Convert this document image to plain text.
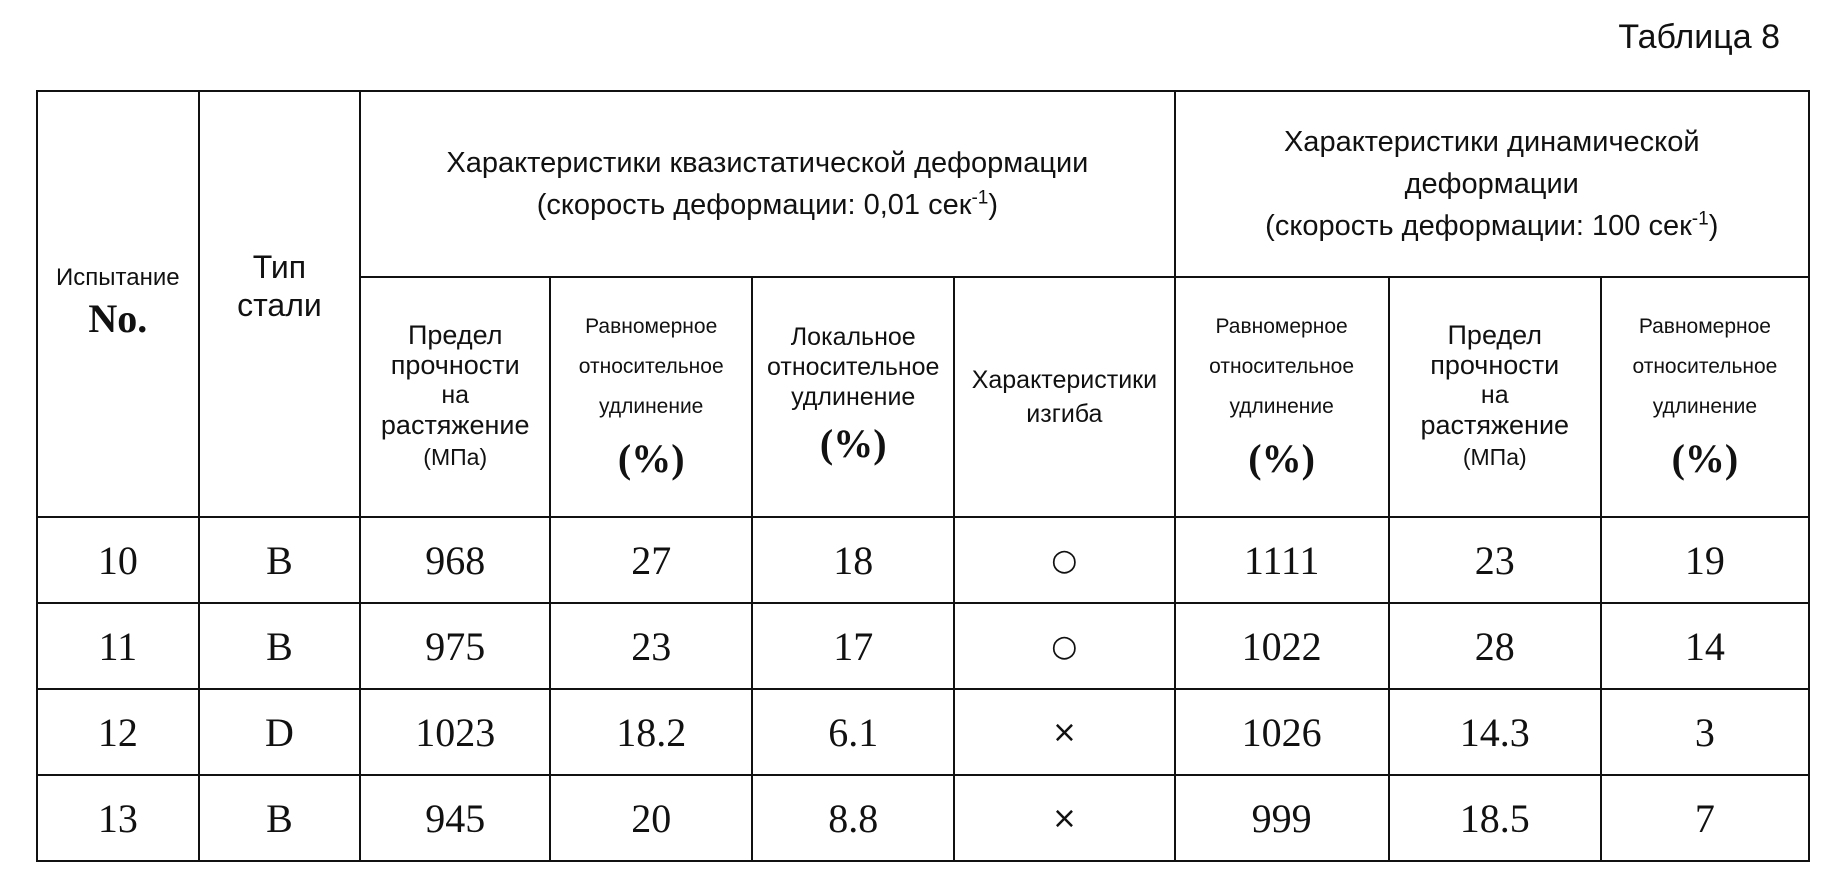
Таблица 8
Испытание
No.	Тип
стали	Характеристики квазистатической деформации
(скорость деформации: 0,01 сек$^{-1}$)				Характеристики динамической
деформации
(скорость деформации: 100 сек$^{-1}$)		

		Предел
прочности
на
растяжение
(МПа)	Равномерное
относительное
удлинение
(%)	Локальное
относительное
удлинение
(%)	Характеристики
изгиба	Равномерное
относительное
удлинение
(%)	Предел
прочности
на
растяжение
(МПа)	Равномерное
относительное
удлинение
(%)

10	B	968	27	18	○	1111	23	19
11	B	975	23	17	○	1022	28	14
12	D	1023	18.2	6.1	×	1026	14.3	3
13	B	945	20	8.8	×	999	18.5	7
